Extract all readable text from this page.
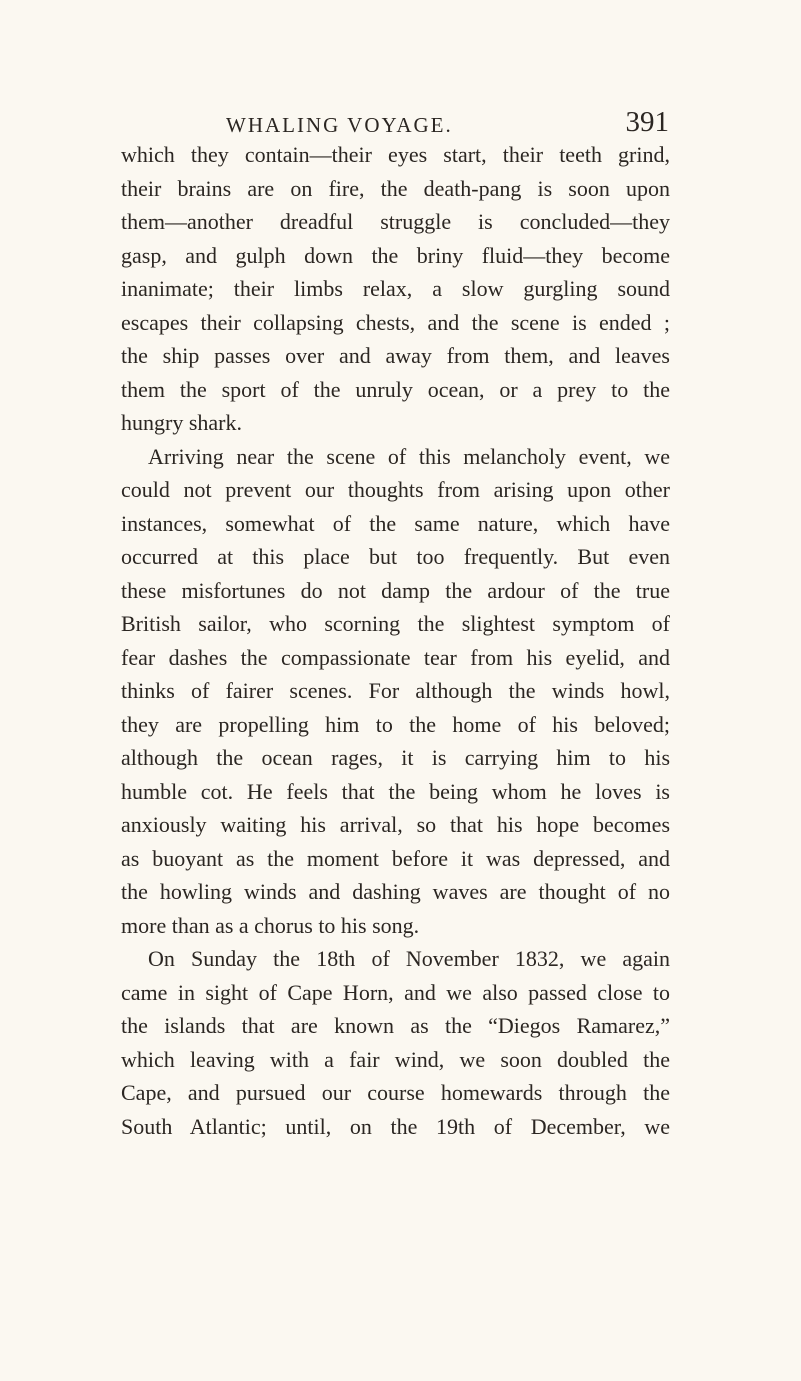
WHALING VOYAGE.	391
which they contain—their eyes start, their teeth grind,
their brains are on fire, the death-pang is soon upon
them—another dreadful struggle is concluded—they
gasp, and gulph down the briny fluid—they become
inanimate; their limbs relax, a slow gurgling sound
escapes their collapsing chests, and the scene is ended ;
the ship passes over and away from them, and leaves
them the sport of the unruly ocean, or a prey to the
hungry shark.
Arriving near the scene of this melancholy event, we
could not prevent our thoughts from arising upon other
instances, somewhat of the same nature, which have
occurred at this place but too frequently. But even
these misfortunes do not damp the ardour of the true
British sailor, who scorning the slightest symptom of
fear dashes the compassionate tear from his eyelid, and
thinks of fairer scenes. For although the winds howl,
they are propelling him to the home of his beloved;
although the ocean rages, it is carrying him to his
humble cot. He feels that the being whom he loves is
anxiously waiting his arrival, so that his hope becomes
as buoyant as the moment before it was depressed, and
the howling winds and dashing waves are thought of no
more than as a chorus to his song.
On Sunday the 18th of November 1832, we again
came in sight of Cape Horn, and we also passed close to
the islands that are known as the “Diegos Ramarez,”
which leaving with a fair wind, we soon doubled the
Cape, and pursued our course homewards through the
South Atlantic; until, on the 19th of December, we
